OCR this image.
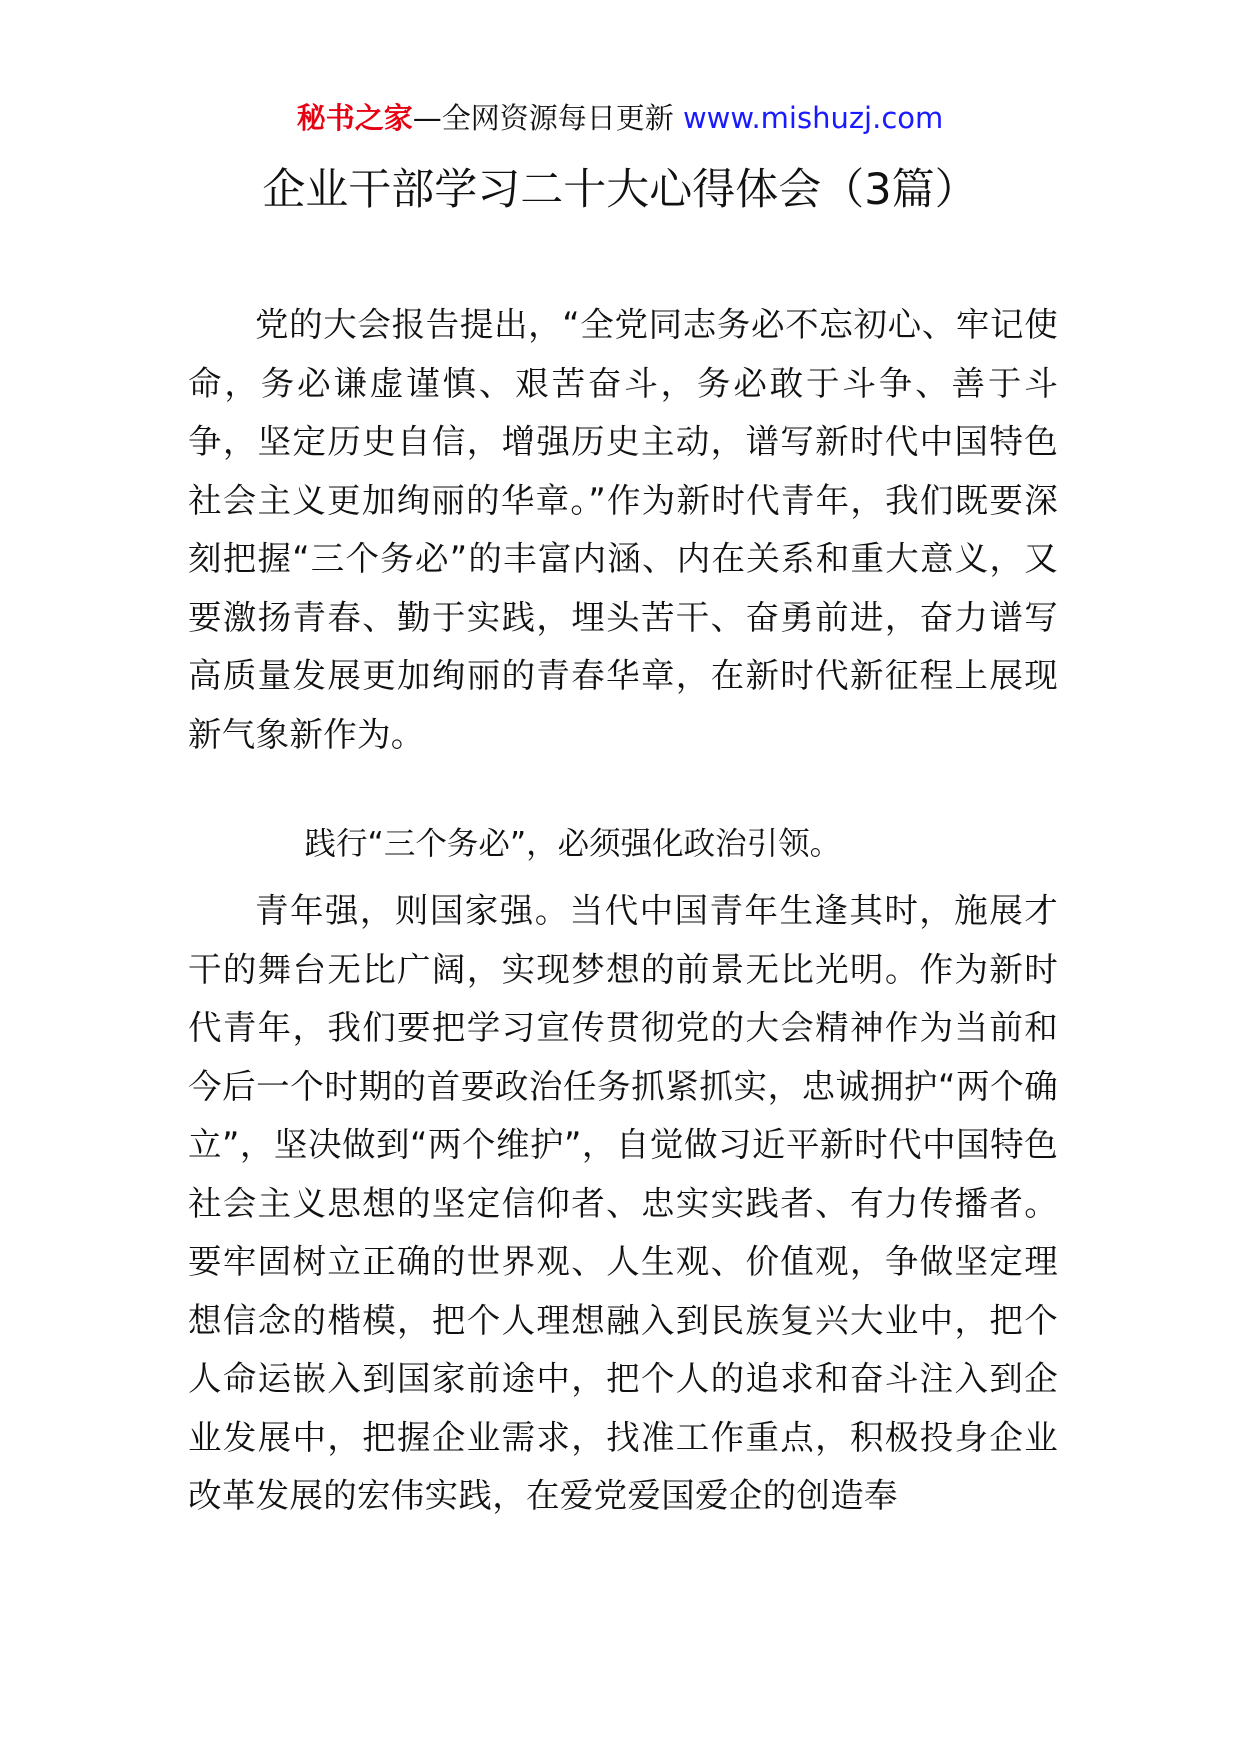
秘书之家—全网资源每日更新 www.mishuzj.com
企业干部学习二十大心得体会（3篇）

党的大会报告提出，“全党同志务必不忘初心、牢记使命，务必谦虚谨慎、艰苦奋斗，务必敢于斗争、善于斗争，坚定历史自信，增强历史主动，谱写新时代中国特色社会主义更加绚丽的华章。”作为新时代青年，我们既要深刻把握“三个务必”的丰富内涵、内在关系和重大意义，又要激扬青春、勤于实践，埋头苦干、奋勇前进，奋力谱写高质量发展更加绚丽的青春华章，在新时代新征程上展现新气象新作为。

践行“三个务必”，必须强化政治引领。

青年强，则国家强。当代中国青年生逢其时，施展才干的舞台无比广阔，实现梦想的前景无比光明。作为新时代青年，我们要把学习宣传贯彻党的大会精神作为当前和今后一个时期的首要政治任务抓紧抓实，忠诚拥护“两个确立”，坚决做到“两个维护”，自觉做习近平新时代中国特色社会主义思想的坚定信仰者、忠实实践者、有力传播者。要牢固树立正确的世界观、人生观、价值观，争做坚定理想信念的楷模，把个人理想融入到民族复兴大业中，把个人命运嵌入到国家前途中，把个人的追求和奋斗注入到企业发展中，把握企业需求，找准工作重点，积极投身企业改革发展的宏伟实践，在爱党爱国爱企的创造奉
